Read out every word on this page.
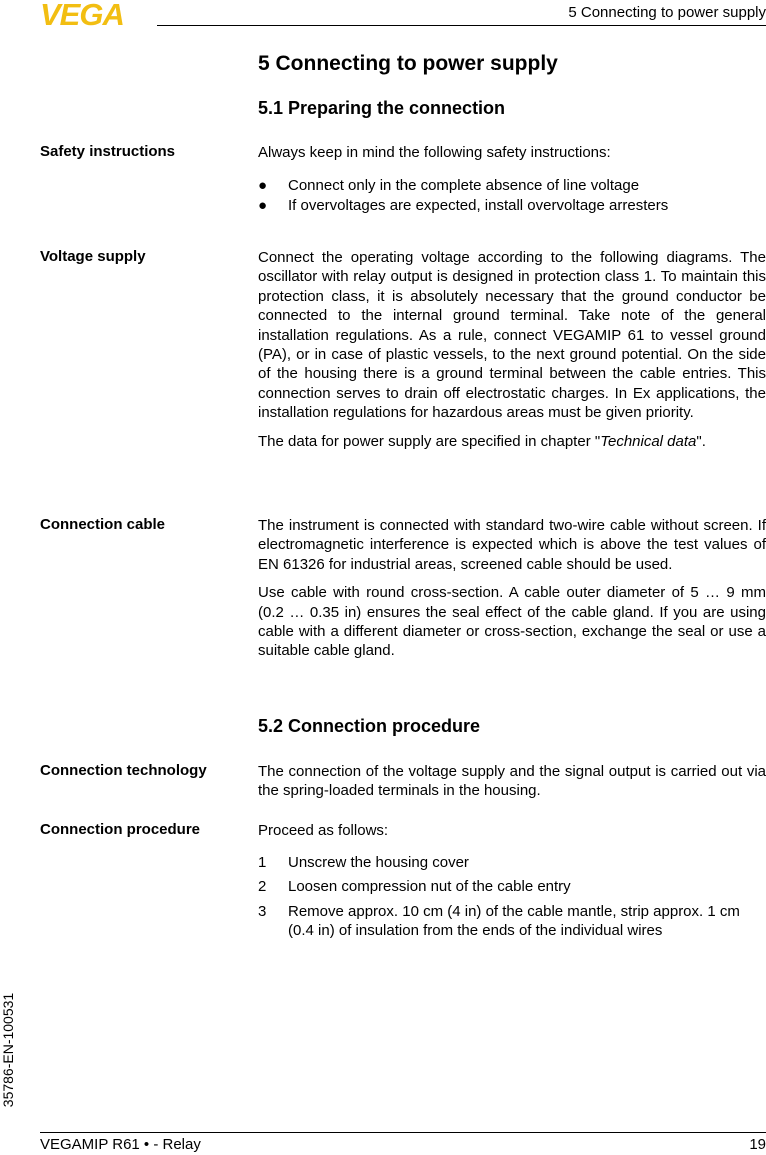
VEGA	5 Connecting to power supply
5 Connecting to power supply
5.1 Preparing the connection
Safety instructions	Always keep in mind the following safety instructions:
● Connect only in the complete absence of line voltage
● If overvoltages are expected, install overvoltage arresters
Voltage supply	Connect the operating voltage according to the following diagrams. The oscillator with relay output is designed in protection class 1. To maintain this protection class, it is absolutely necessary that the ground conductor be connected to the internal ground terminal. Take note of the general installation regulations. As a rule, connect VEGAMIP 61 to vessel ground (PA), or in case of plastic vessels, to the next ground potential. On the side of the housing there is a ground terminal between the cable entries. This connection serves to drain off electrostatic charges. In Ex applications, the installation regulations for hazardous areas must be given priority.

The data for power supply are specified in chapter "Technical data".

Connection cable	The instrument is connected with standard two-wire cable without screen. If electromagnetic interference is expected which is above the test values of EN 61326 for industrial areas, screened cable should be used.

Use cable with round cross-section. A cable outer diameter of 5 … 9 mm (0.2 … 0.35 in) ensures the seal effect of the cable gland. If you are using cable with a different diameter or cross-section, exchange the seal or use a suitable cable gland.

5.2 Connection procedure
Connection technology	The connection of the voltage supply and the signal output is carried out via the spring-loaded terminals in the housing.
Connection procedure	Proceed as follows:
1	Unscrew the housing cover
2	Loosen compression nut of the cable entry
3	Remove approx. 10 cm (4 in) of the cable mantle, strip approx. 1 cm (0.4 in) of insulation from the ends of the individual wires
35786-EN-100531
VEGAMIP R61 • - Relay	19
